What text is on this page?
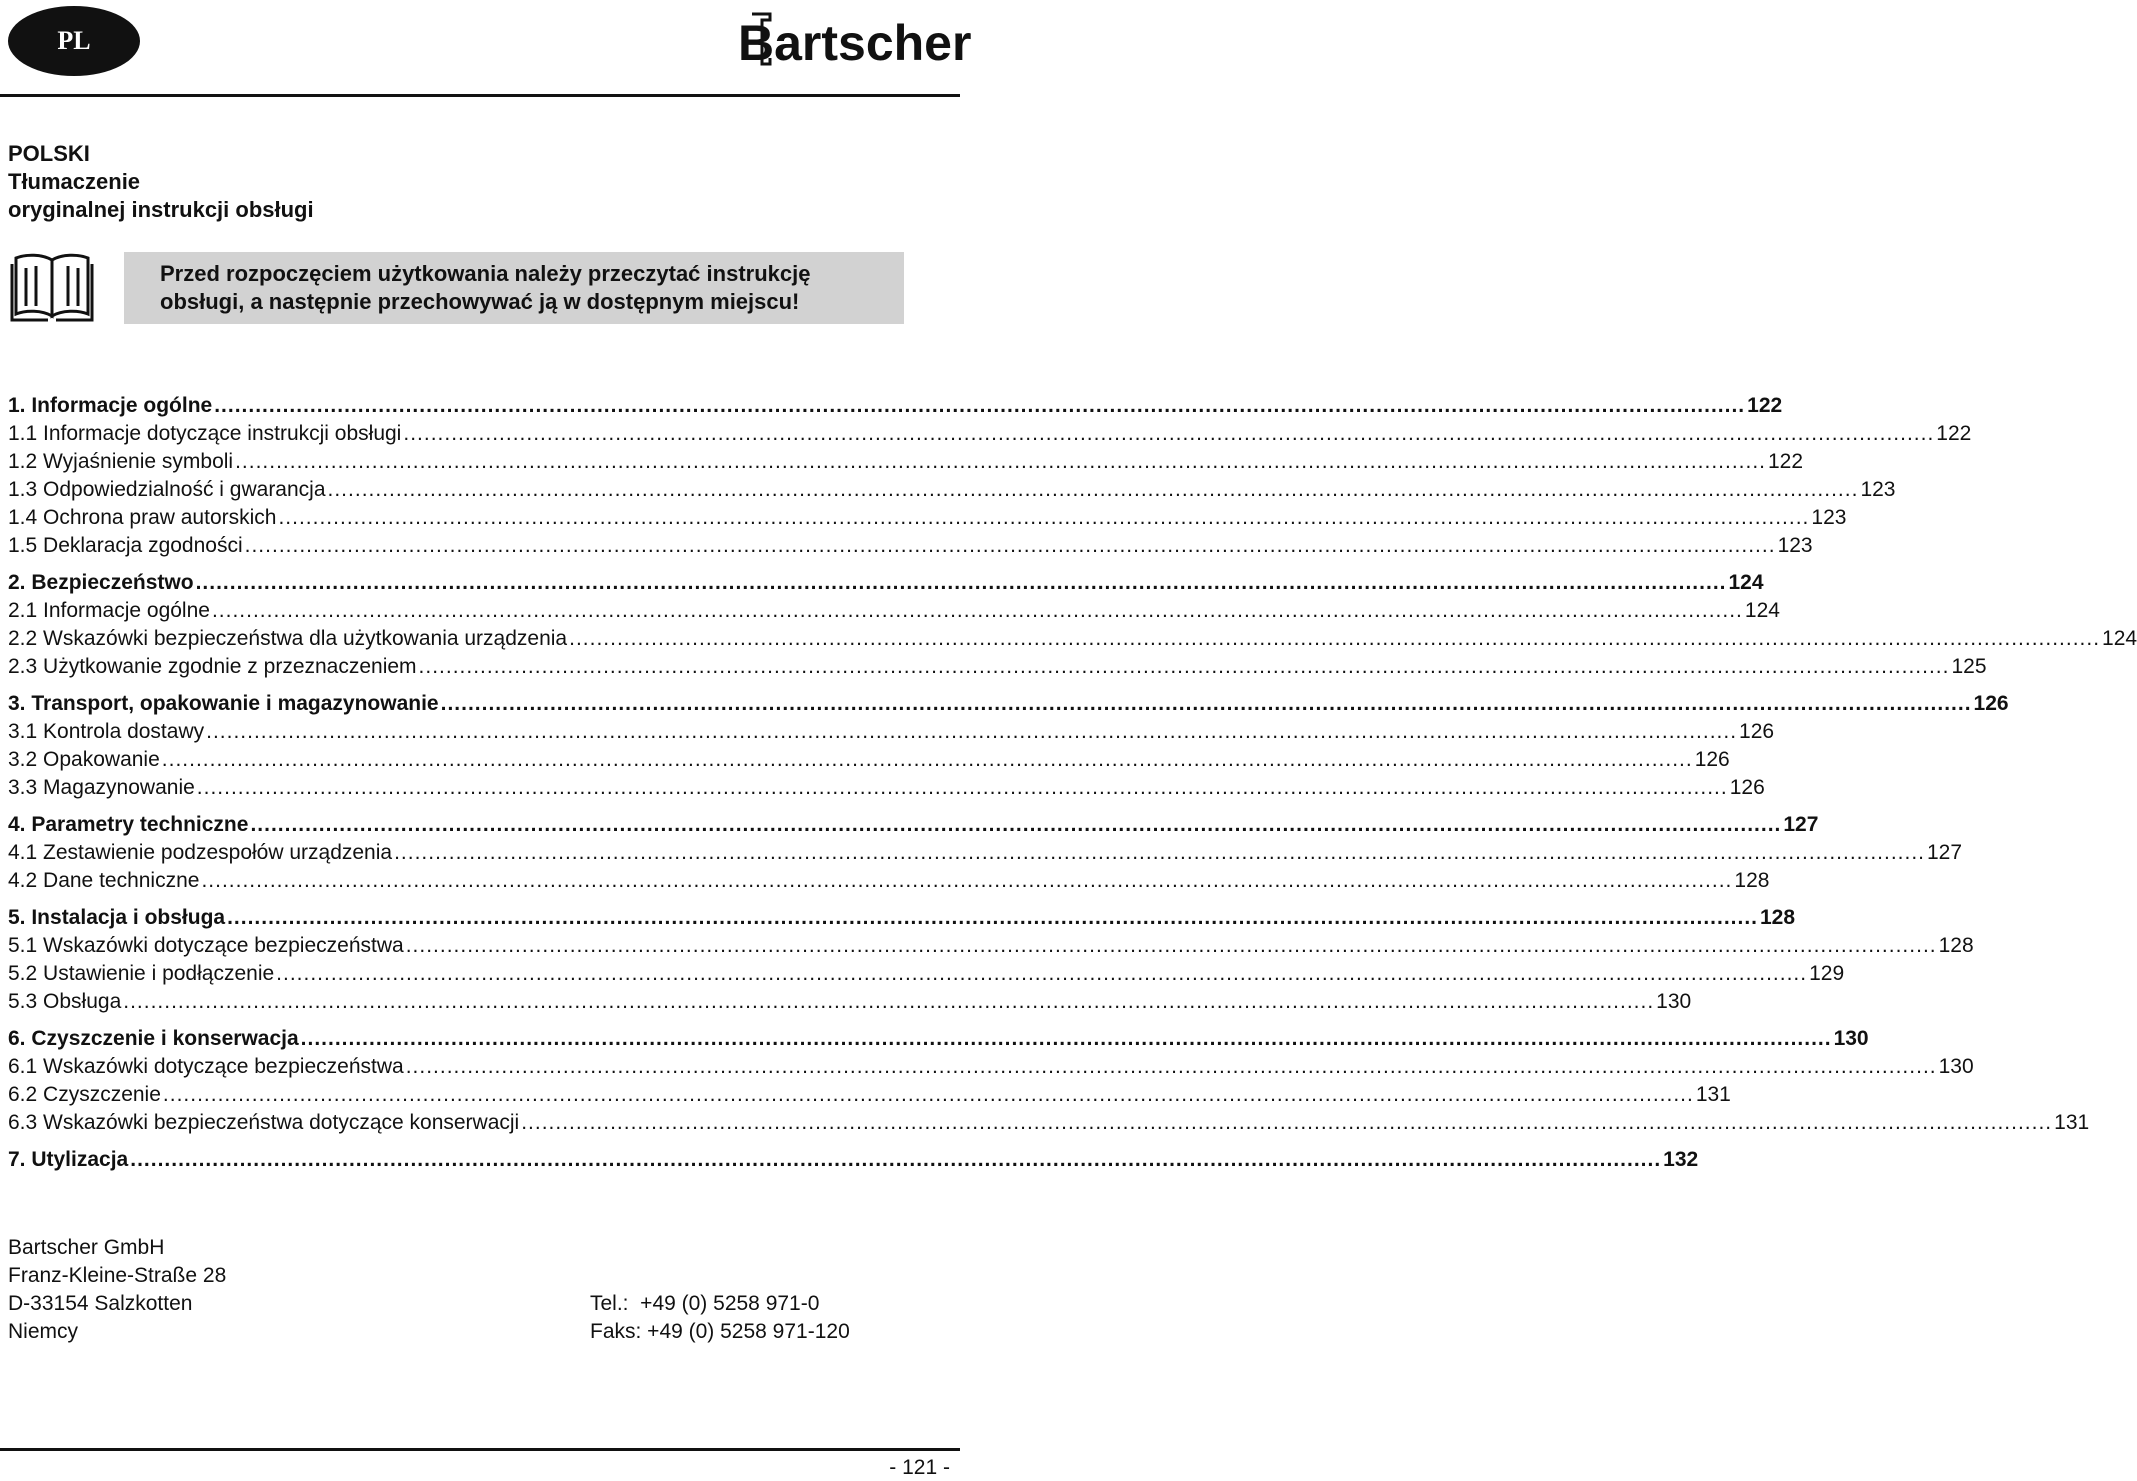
PL	Bartscher
POLSKI
Tłumaczenie
oryginalnej instrukcji obsługi
Przed rozpoczęciem użytkowania należy przeczytać instrukcję
obsługi, a następnie przechowywać ją w dostępnym miejscu!
1. Informacje ogólne .....	122
1.1 Informacje dotyczące instrukcji obsługi .....	122
1.2 Wyjaśnienie symboli .....	122
1.3 Odpowiedzialność i gwarancja .....	123
1.4 Ochrona praw autorskich .....	123
1.5 Deklaracja zgodności .....	123
2. Bezpieczeństwo .....	124
2.1 Informacje ogólne .....	124
2.2 Wskazówki bezpieczeństwa dla użytkowania urządzenia .....	124
2.3 Użytkowanie zgodnie z przeznaczeniem .....	125
3. Transport, opakowanie i magazynowanie .....	126
3.1 Kontrola dostawy .....	126
3.2 Opakowanie .....	126
3.3 Magazynowanie .....	126
4. Parametry techniczne .....	127
4.1 Zestawienie podzespołów urządzenia .....	127
4.2 Dane techniczne .....	128
5. Instalacja i obsługa .....	128
5.1 Wskazówki dotyczące bezpieczeństwa .....	128
5.2 Ustawienie i podłączenie .....	129
5.3 Obsługa .....	130
6. Czyszczenie i konserwacja .....	130
6.1 Wskazówki dotyczące bezpieczeństwa .....	130
6.2 Czyszczenie .....	131
6.3 Wskazówki bezpieczeństwa dotyczące konserwacji .....	131
7. Utylizacja .....	132
Bartscher GmbH
Franz-Kleine-Straße 28
D-33154 Salzkotten	Tel.:  +49 (0) 5258 971-0
Niemcy	Faks: +49 (0) 5258 971-120
- 121 -
